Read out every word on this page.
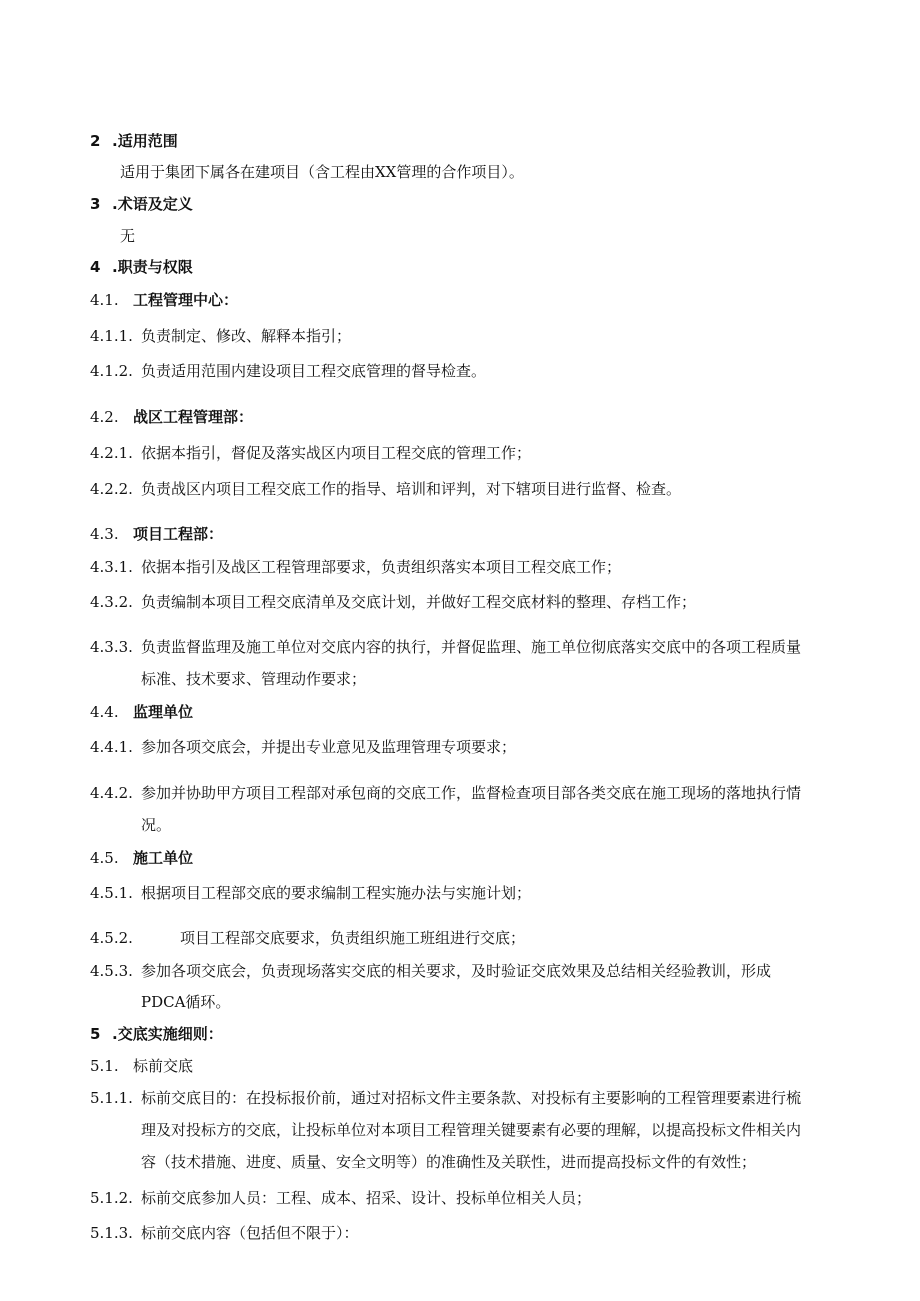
2 .适用范围
适用于集团下属各在建项目（含工程由XX管理的合作项目）。
3 .术语及定义
无
4 .职责与权限
4.1. 工程管理中心：
4.1.1. 负责制定、修改、解释本指引；
4.1.2. 负责适用范围内建设项目工程交底管理的督导检查。
4.2. 战区工程管理部：
4.2.1. 依据本指引，督促及落实战区内项目工程交底的管理工作；
4.2.2. 负责战区内项目工程交底工作的指导、培训和评判，对下辖项目进行监督、检查。
4.3. 项目工程部：
4.3.1. 依据本指引及战区工程管理部要求，负责组织落实本项目工程交底工作；
4.3.2. 负责编制本项目工程交底清单及交底计划，并做好工程交底材料的整理、存档工作；
4.3.3. 负责监督监理及施工单位对交底内容的执行，并督促监理、施工单位彻底落实交底中的各项工程质量
标准、技术要求、管理动作要求；
4.4. 监理单位
4.4.1. 参加各项交底会，并提出专业意见及监理管理专项要求；
4.4.2. 参加并协助甲方项目工程部对承包商的交底工作，监督检查项目部各类交底在施工现场的落地执行情
况。
4.5. 施工单位
4.5.1. 根据项目工程部交底的要求编制工程实施办法与实施计划；
4.5.2.	项目工程部交底要求，负责组织施工班组进行交底；
4.5.3. 参加各项交底会，负责现场落实交底的相关要求，及时验证交底效果及总结相关经验教训，形成
PDCA循环。
5 .交底实施细则：
5.1. 标前交底
5.1.1. 标前交底目的：在投标报价前，通过对招标文件主要条款、对投标有主要影响的工程管理要素进行梳
理及对投标方的交底，让投标单位对本项目工程管理关键要素有必要的理解，以提高投标文件相关内
容（技术措施、进度、质量、安全文明等）的准确性及关联性，进而提高投标文件的有效性；
5.1.2. 标前交底参加人员：工程、成本、招采、设计、投标单位相关人员；
5.1.3. 标前交底内容（包括但不限于）：
